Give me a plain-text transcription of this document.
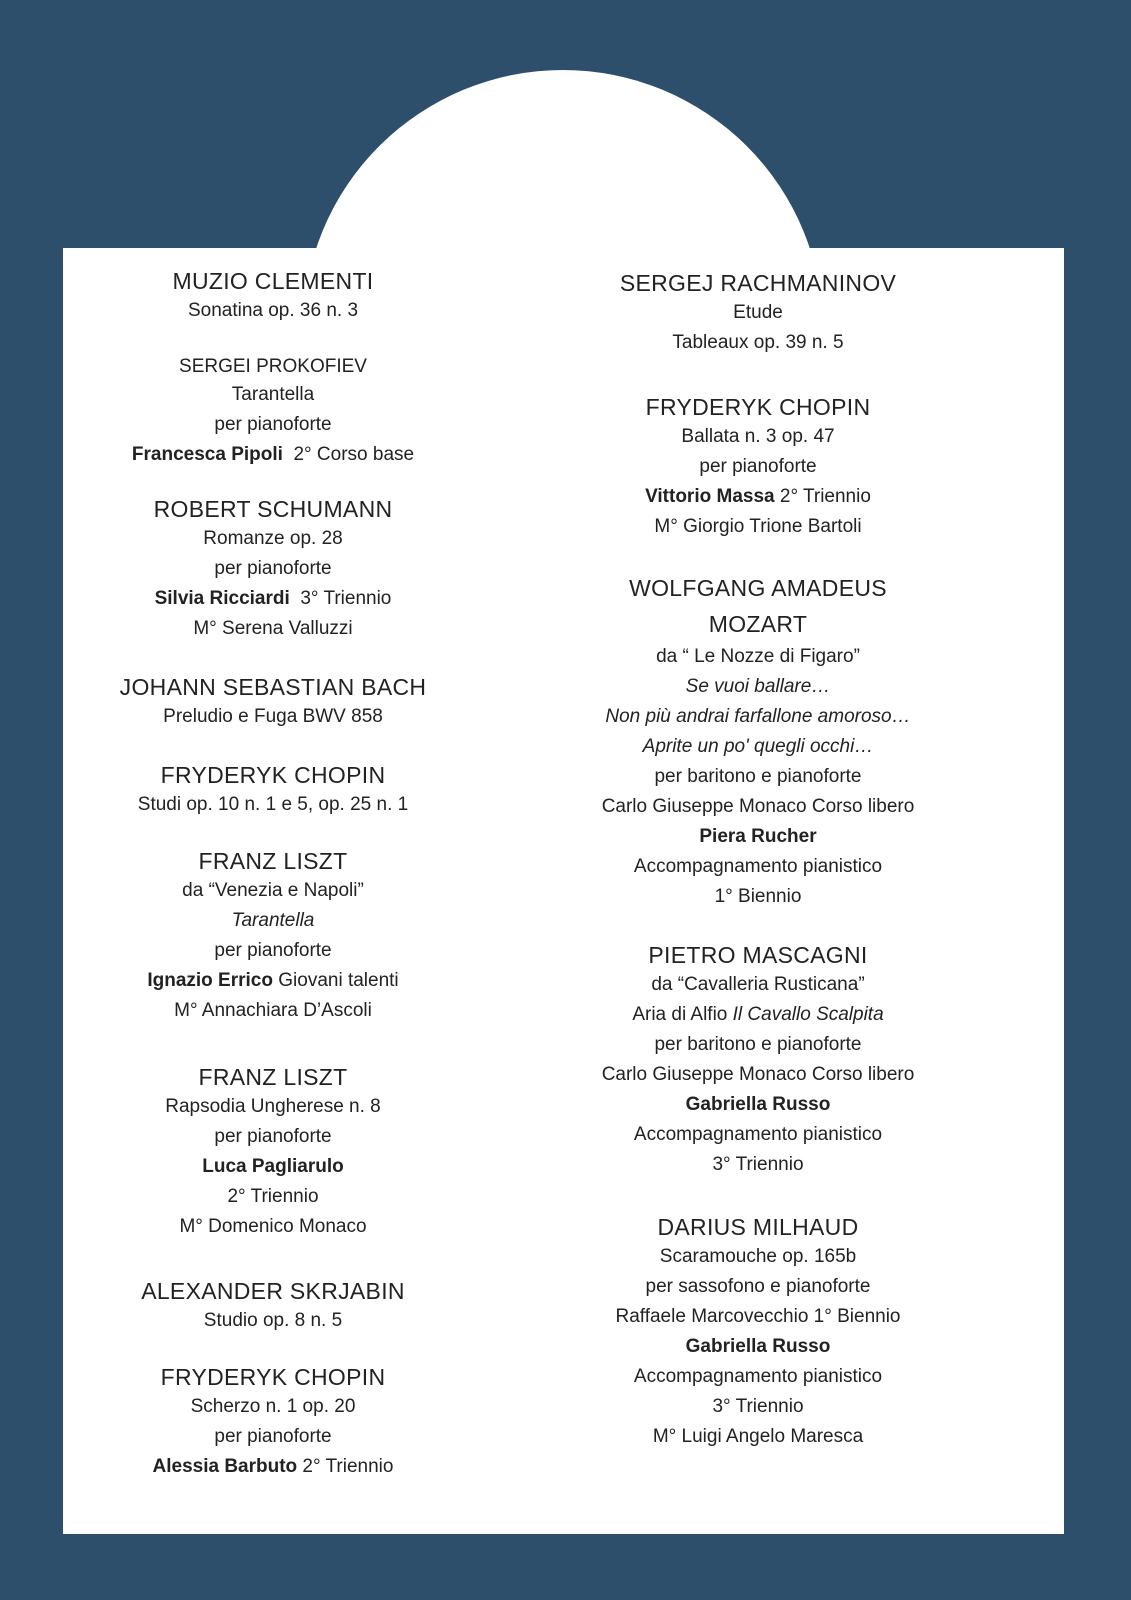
MUZIO CLEMENTI
Sonatina op. 36 n. 3
SERGEI PROKOFIEV
Tarantella
per pianoforte
Francesca Pipoli  2° Corso base
ROBERT SCHUMANN
Romanze op. 28
per pianoforte
Silvia Ricciardi  3° Triennio
M° Serena Valluzzi
JOHANN SEBASTIAN BACH
Preludio e Fuga BWV 858
FRYDERYK CHOPIN
Studi op. 10 n. 1 e 5, op. 25 n. 1
FRANZ LISZT
da “Venezia e Napoli”
Tarantella
per pianoforte
Ignazio Errico Giovani talenti
M° Annachiara D’Ascoli
FRANZ LISZT
Rapsodia Ungherese n. 8
per pianoforte
Luca Pagliarulo
2° Triennio
M° Domenico Monaco
ALEXANDER SKRJABIN
Studio op. 8 n. 5
FRYDERYK CHOPIN
Scherzo n. 1 op. 20
per pianoforte
Alessia Barbuto 2° Triennio
SERGEJ RACHMANINOV
Etude
Tableaux op. 39 n. 5
FRYDERYK CHOPIN
Ballata n. 3 op. 47
per pianoforte
Vittorio Massa 2° Triennio
M° Giorgio Trione Bartoli
WOLFGANG AMADEUS
MOZART
da “ Le Nozze di Figaro”
Se vuoi ballare…
Non più andrai farfallone amoroso…
Aprite un po' quegli occhi…
per baritono e pianoforte
Carlo Giuseppe Monaco Corso libero
Piera Rucher
Accompagnamento pianistico
1° Biennio
PIETRO MASCAGNI
da “Cavalleria Rusticana”
Aria di Alfio Il Cavallo Scalpita
per baritono e pianoforte
Carlo Giuseppe Monaco Corso libero
Gabriella Russo
Accompagnamento pianistico
3° Triennio
DARIUS MILHAUD
Scaramouche op. 165b
per sassofono e pianoforte
Raffaele Marcovecchio 1° Biennio
Gabriella Russo
Accompagnamento pianistico
3° Triennio
M° Luigi Angelo Maresca
